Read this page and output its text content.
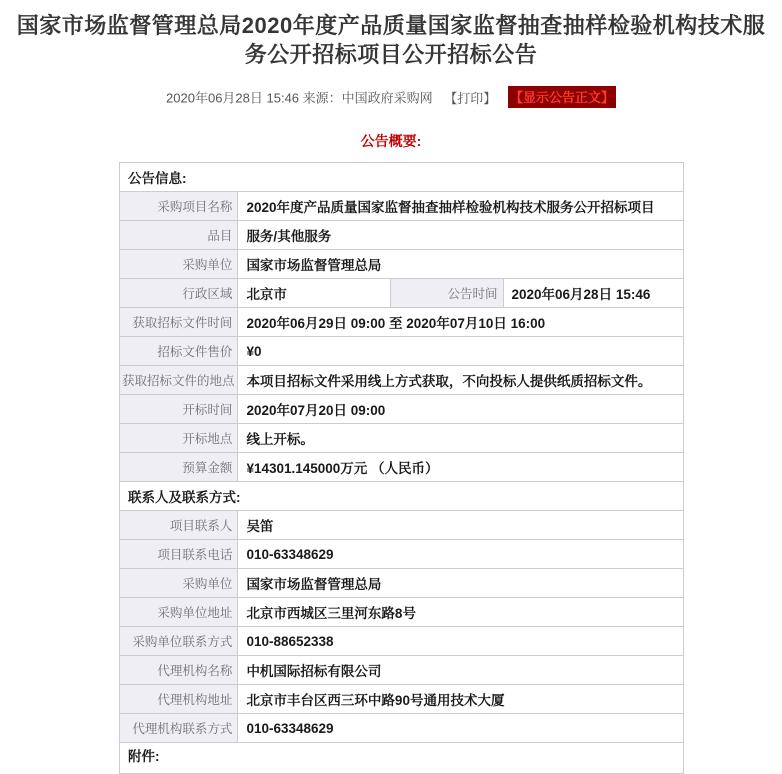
国家市场监督管理总局2020年度产品质量国家监督抽查抽样检验机构技术服务公开招标项目公开招标公告
2020年06月28日 15:46 来源：中国政府采购网 【打印】 【显示公告正文】
公告概要:
公告信息:			
采购项目名称	2020年度产品质量国家监督抽查抽样检验机构技术服务公开招标项目		
品目	服务/其他服务		
采购单位	国家市场监督管理总局		
行政区域	北京市	公告时间	2020年06月28日 15:46
获取招标文件时间	2020年06月29日 09:00 至 2020年07月10日 16:00		
招标文件售价	¥0		
获取招标文件的地点	本项目招标文件采用线上方式获取，不向投标人提供纸质招标文件。		
开标时间	2020年07月20日 09:00		
开标地点	线上开标。		
预算金额	¥14301.145000万元 （人民币）		
联系人及联系方式:			
项目联系人	吴笛		
项目联系电话	010-63348629		
采购单位	国家市场监督管理总局		
采购单位地址	北京市西城区三里河东路8号		
采购单位联系方式	010-88652338		
代理机构名称	中机国际招标有限公司		
代理机构地址	北京市丰台区西三环中路90号通用技术大厦		
代理机构联系方式	010-63348629		
附件:			
